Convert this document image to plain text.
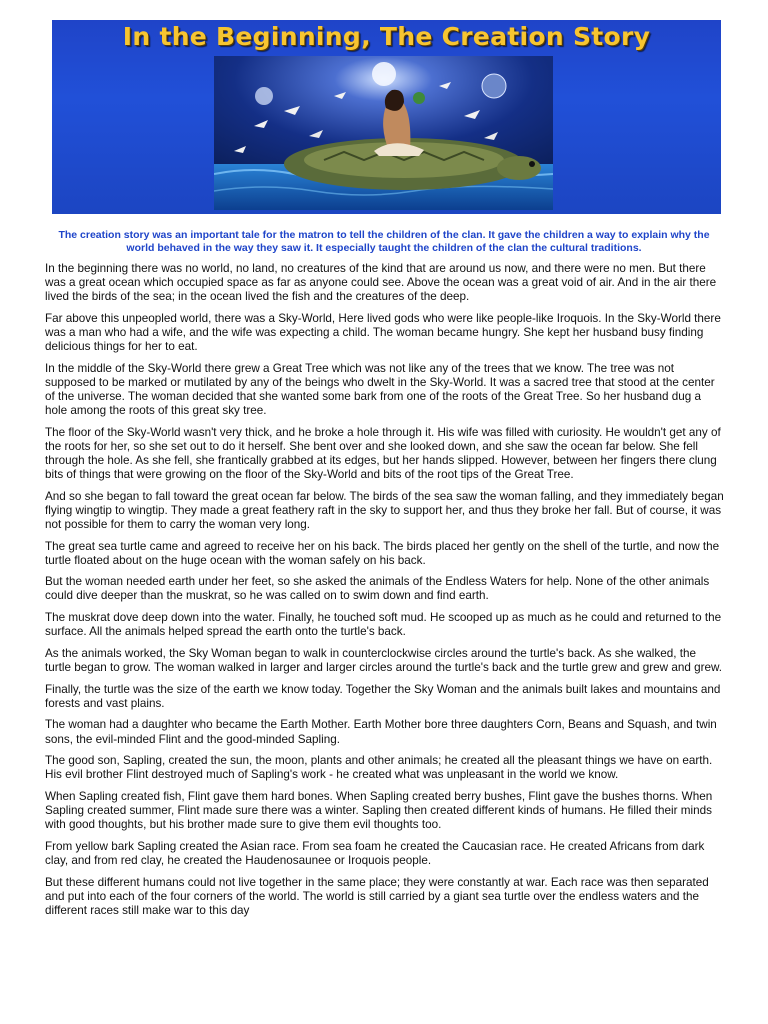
In the Beginning, The Creation Story
The creation story was an important tale for the matron to tell the children of the clan. It gave the children a way to explain why the world behaved in the way they saw it. It especially taught the children of the clan the cultural traditions.

In the beginning there was no world, no land, no creatures of the kind that are around us now, and there were no men. But there was a great ocean which occupied space as far as anyone could see. Above the ocean was a great void of air. And in the air there lived the birds of the sea; in the ocean lived the fish and the creatures of the deep.

Far above this unpeopled world, there was a Sky-World, Here lived gods who were like people-like Iroquois. In the Sky-World there was a man who had a wife, and the wife was expecting a child. The woman became hungry. She kept her husband busy finding delicious things for her to eat.

In the middle of the Sky-World there grew a Great Tree which was not like any of the trees that we know. The tree was not supposed to be marked or mutilated by any of the beings who dwelt in the Sky-World. It was a sacred tree that stood at the center of the universe. The woman decided that she wanted some bark from one of the roots of the Great Tree. So her husband dug a hole among the roots of this great sky tree.

The floor of the Sky-World wasn't very thick, and he broke a hole through it. His wife was filled with curiosity. He wouldn't get any of the roots for her, so she set out to do it herself. She bent over and she looked down, and she saw the ocean far below. She fell through the hole. As she fell, she frantically grabbed at its edges, but her hands slipped. However, between her fingers there clung bits of things that were growing on the floor of the Sky-World and bits of the root tips of the Great Tree.

And so she began to fall toward the great ocean far below. The birds of the sea saw the woman falling, and they immediately began flying wingtip to wingtip. They made a great feathery raft in the sky to support her, and thus they broke her fall. But of course, it was not possible for them to carry the woman very long.

The great sea turtle came and agreed to receive her on his back. The birds placed her gently on the shell of the turtle, and now the turtle floated about on the huge ocean with the woman safely on his back.

But the woman needed earth under her feet, so she asked the animals of the Endless Waters for help. None of the other animals could dive deeper than the muskrat, so he was called on to swim down and find earth.

The muskrat dove deep down into the water. Finally, he touched soft mud. He scooped up as much as he could and returned to the surface. All the animals helped spread the earth onto the turtle's back.

As the animals worked, the Sky Woman began to walk in counterclockwise circles around the turtle's back. As she walked, the turtle began to grow. The woman walked in larger and larger circles around the turtle's back and the turtle grew and grew and grew.

Finally, the turtle was the size of the earth we know today. Together the Sky Woman and the animals built lakes and mountains and forests and vast plains.

The woman had a daughter who became the Earth Mother. Earth Mother bore three daughters Corn, Beans and Squash, and twin sons, the evil-minded Flint and the good-minded Sapling.

The good son, Sapling, created the sun, the moon, plants and other animals; he created all the pleasant things we have on earth. His evil brother Flint destroyed much of Sapling's work - he created what was unpleasant in the world we know.

When Sapling created fish, Flint gave them hard bones. When Sapling created berry bushes, Flint gave the bushes thorns. When Sapling created summer, Flint made sure there was a winter. Sapling then created different kinds of humans. He filled their minds with good thoughts, but his brother made sure to give them evil thoughts too.

From yellow bark Sapling created the Asian race. From sea foam he created the Caucasian race. He created Africans from dark clay, and from red clay, he created the Haudenosaunee or Iroquois people.

But these different humans could not live together in the same place; they were constantly at war. Each race was then separated and put into each of the four corners of the world. The world is still carried by a giant sea turtle over the endless waters and the different races still make war to this day
